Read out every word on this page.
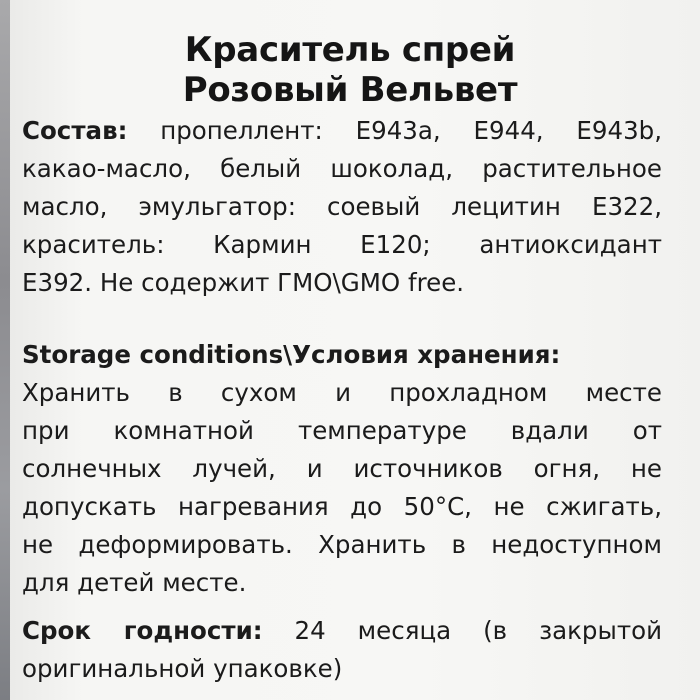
Краситель спрей
Розовый Вельвет
Состав: пропеллент: Е943а, Е944, Е943b,
какао-масло, белый шоколад, растительное
масло, эмульгатор: соевый лецитин Е322,
краситель: Кармин Е120; антиоксидант
Е392. Не содержит ГМО\GMO free.
Storage conditions\Условия хранения:
Хранить в сухом и прохладном месте
при комнатной температуре вдали от
солнечных лучей, и источников огня, не
допускать нагревания до 50°С, не сжигать,
не деформировать. Хранить в недоступном
для детей месте.
Срок годности: 24 месяца (в закрытой
оригинальной упаковке)
